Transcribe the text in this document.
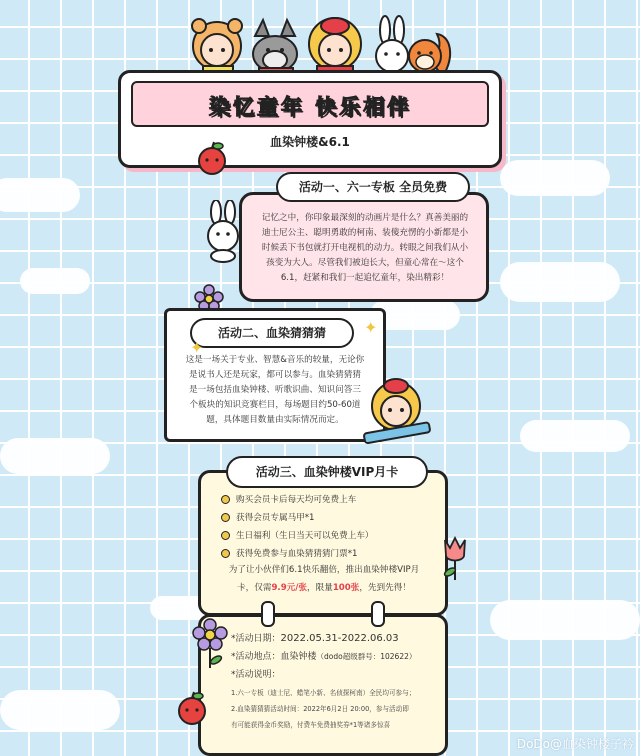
染忆童年 快乐相伴
血染钟楼&6.1
记忆之中，你印象最深刻的动画片是什么？真善美丽的
迪士尼公主、聪明勇敢的柯南、装傻充愣的小新都是小
时候丢下书包就打开电视机的动力。转眼之间我们从小
孩变为大人。尽管我们被迫长大，但童心常在～这个
6.1，赶紧和我们一起追忆童年，染出精彩！
活动一、六一专板 全员免费
这是一场关于专业、智慧&音乐的较量，无论你
是说书人还是玩家，都可以参与。血染猜猜猜
是一场包括血染钟楼、听歌识曲、知识问答三
个板块的知识竞赛栏目，每场题目约50-60道
题，具体题目数量由实际情况而定。
活动二、血染猜猜猜
✦
✦
购买会员卡后每天均可免费上车
获得会员专属马甲*1
生日福利（生日当天可以免费上车）
获得免费参与血染猜猜猜门票*1
为了让小伙伴们6.1快乐翻倍，推出血染钟楼VIP月
卡，仅需9.9元/张，限量100张，先到先得！
活动三、血染钟楼VIP月卡
*活动日期：2022.05.31-2022.06.03
*活动地点：血染钟楼（dodo超级群号：102622）
*活动说明：
1.六一专板（迪士尼、蜡笔小新、名侦探柯南）全民均可参与；
2.血染猜猜猜活动时间：2022年6月2日 20:00，参与活动即
有可能获得金币奖励，付费车免费抽奖券*1等诸多惊喜
DoDo@血染钟楼子衿
